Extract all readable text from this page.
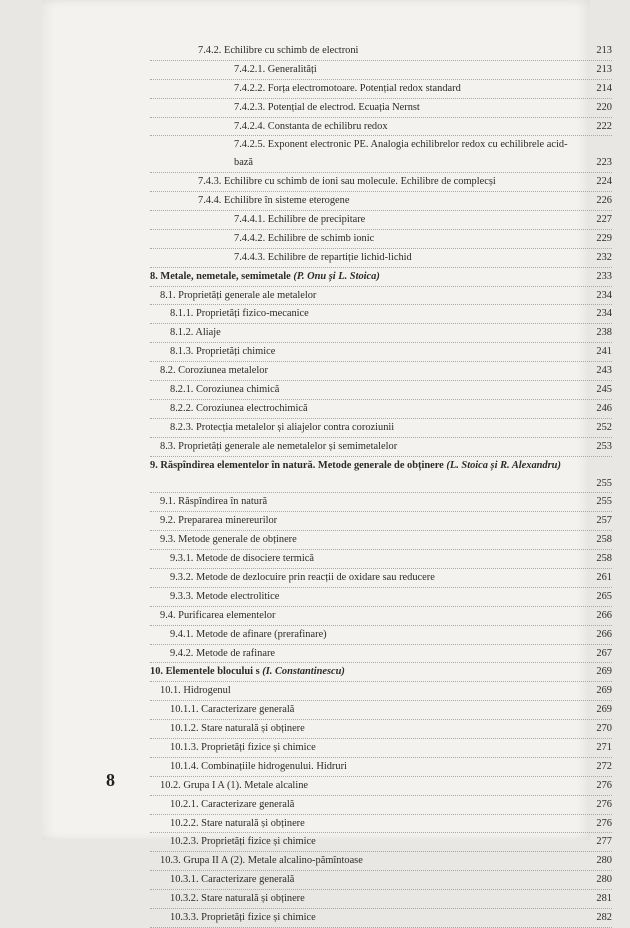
7.4.2. Echilibre cu schimb de electroni	213
7.4.2.1. Generalități	213
7.4.2.2. Forța electromotoare. Potențial redox standard	214
7.4.2.3. Potențial de electrod. Ecuația Nernst	220
7.4.2.4. Constanta de echilibru redox	222
7.4.2.5. Exponent electronic PE. Analogia echilibrelor redox cu echilibrele acid-bază	223
7.4.3. Echilibre cu schimb de ioni sau molecule. Echilibre de complecși	224
7.4.4. Echilibre în sisteme eterogene	226
7.4.4.1. Echilibre de precipitare	227
7.4.4.2. Echilibre de schimb ionic	229
7.4.4.3. Echilibre de repartiție lichid-lichid	232
8. Metale, nemetale, semimetale (P. Onu și L. Stoica)	233
8.1. Proprietăți generale ale metalelor	234
8.1.1. Proprietăți fizico-mecanice	234
8.1.2. Aliaje	238
8.1.3. Proprietăți chimice	241
8.2. Coroziunea metalelor	243
8.2.1. Coroziunea chimică	245
8.2.2. Coroziunea electrochimică	246
8.2.3. Protecția metalelor și aliajelor contra coroziunii	252
8.3. Proprietăți generale ale nemetalelor și semimetalelor	253
9. Răspîndirea elementelor în natură. Metode generale de obținere (L. Stoica și R. Alexandru)
255
9.1. Răspîndirea în natură	255
9.2. Prepararea minereurilor	257
9.3. Metode generale de obținere	258
9.3.1. Metode de disociere termică	258
9.3.2. Metode de dezlocuire prin reacții de oxidare sau reducere	261
9.3.3. Metode electrolitice	265
9.4. Purificarea elementelor	266
9.4.1. Metode de afinare (prerafinare)	266
9.4.2. Metode de rafinare	267
10. Elementele blocului s (I. Constantinescu)	269
10.1. Hidrogenul	269
10.1.1. Caracterizare generală	269
10.1.2. Stare naturală și obținere	270
10.1.3. Proprietăți fizice și chimice	271
10.1.4. Combinațiile hidrogenului. Hidruri	272
10.2. Grupa I A (1). Metale alcaline	276
10.2.1. Caracterizare generală	276
10.2.2. Stare naturală și obținere	276
10.2.3. Proprietăți fizice și chimice	277
10.3. Grupa II A (2). Metale alcalino-pămîntoase	280
10.3.1. Caracterizare generală	280
10.3.2. Stare naturală și obținere	281
10.3.3. Proprietăți fizice și chimice	282
8
